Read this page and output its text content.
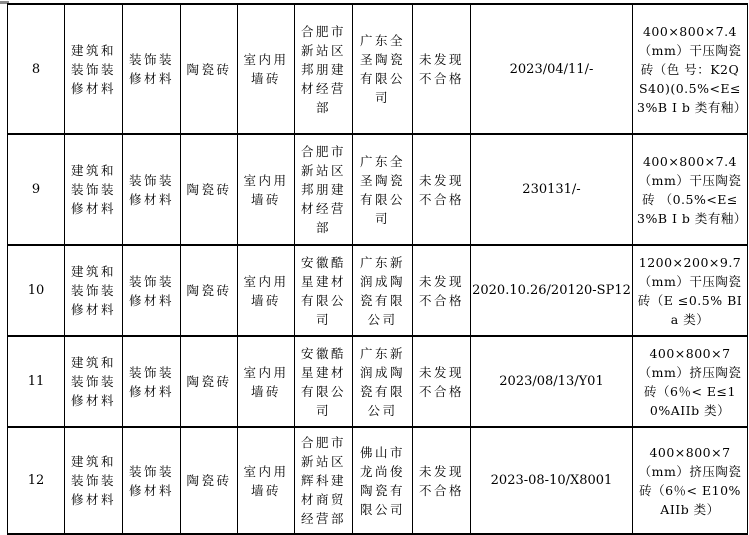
8	建筑和装饰装修材料	装饰装修材料	陶瓷砖	室内用墙砖	合肥市新站区邦朋建材经营部	广东全圣陶瓷有限公司	未发现不合格	2023/04/11/-	400×800×7.4（mm）干压陶瓷砖（色 号：K2QS40)(0.5%<E≤3%B I b 类有釉）
9	建筑和装饰装修材料	装饰装修材料	陶瓷砖	室内用墙砖	合肥市新站区邦朋建材经营部	广东全圣陶瓷有限公司	未发现不合格	230131/-	400×800×7.4（mm）干压陶瓷砖 （0.5%<E≤3%B I b 类有釉）
10	建筑和装饰装修材料	装饰装修材料	陶瓷砖	室内用墙砖	安徽酷星建材有限公司	广东新润成陶瓷有限公司	未发现不合格	2020.10.26/20120-SP12	1200×200×9.7（mm）干压陶瓷砖（E ≤0.5% BIa 类）
11	建筑和装饰装修材料	装饰装修材料	陶瓷砖	室内用墙砖	安徽酷星建材有限公司	广东新润成陶瓷有限公司	未发现不合格	2023/08/13/Y01	400×800×7（mm）挤压陶瓷砖（6％< E≤10%AIIb 类）
12	建筑和装饰装修材料	装饰装修材料	陶瓷砖	室内用墙砖	合肥市新站区辉科建材商贸经营部	佛山市龙尚俊陶瓷有限公司	未发现不合格	2023-08-10/X8001	400×800×7（mm）挤压陶瓷砖（6％< E10%AIIb 类）
